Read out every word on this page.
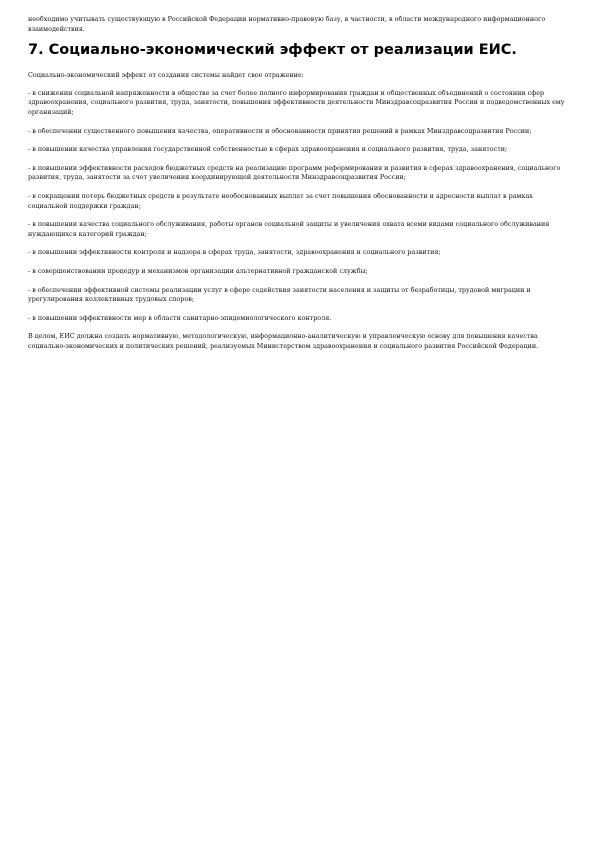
необходимо учитывать существующую в Российской Федерации нормативно-правовую базу, в частности, в области международного информационного взаимодействия.

7. Социально-экономический эффект от реализации ЕИС.

Социально-экономический эффект от создания системы найдет свое отражение:

- в снижении социальной напряженности в обществе за счет более полного информирования граждан и общественных объединений о состоянии сфер здравоохранения, социального развития, труда, занятости, повышения эффективности деятельности Минздравсоцразвития России и подведомственных ему организаций;

- в обеспечении существенного повышения качества, оперативности и обоснованности принятия решений в рамках Минздравсоцразвития России;

- в повышении качества управления государственной собственностью в сферах здравоохранения и социального развития, труда, занятости;

- в повышении эффективности расходов бюджетных средств на реализацию программ реформирования и развития в сферах здравоохранения, социального развития, труда, занятости за счет увеличения координирующей деятельности Минздравсоцразвития России;

- в сокращении потерь бюджетных средств в результате необоснованных выплат за счет повышения обоснованности и адресности выплат в рамках социальной поддержки граждан;

- в повышении качества социального обслуживания, работы органов социальной защиты и увеличения охвата всеми видами социального обслуживания нуждающихся категорий граждан;

- в повышении эффективности контроля и надзора в сферах труда, занятости, здравоохранения и социального развития;

- в совершенствовании процедур и механизмов организации альтернативной гражданской службы;

- в обеспечении эффективной системы реализации услуг в сфере содействия занятости населения и защиты от безработицы, трудовой миграции и урегулирования коллективных трудовых споров;

- в повышении эффективности мер в области санитарно-эпидемиологического контроля.

В целом, ЕИС должна создать нормативную, методологическую, информационно-аналитическую и управленческую основу для повышения качества социально-экономических и политических решений, реализуемых Министерством здравоохранения и социального развития Российской Федерации.
